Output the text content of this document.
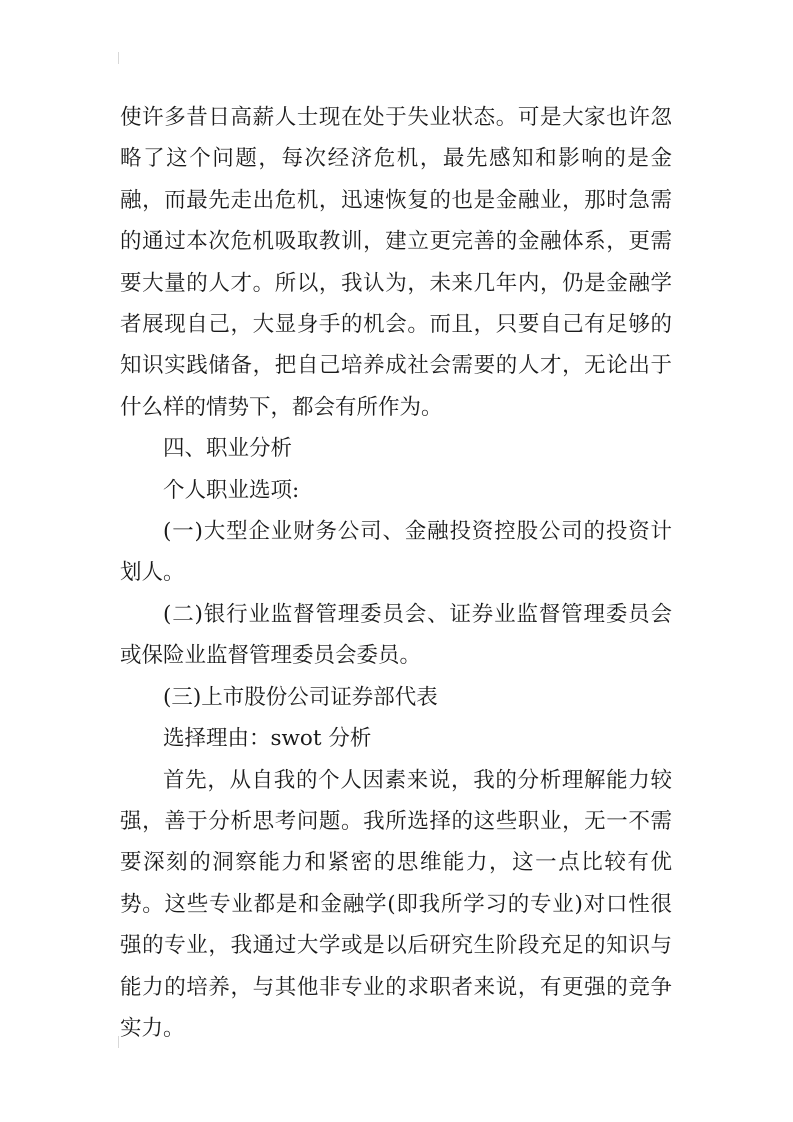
使许多昔日高薪人士现在处于失业状态。可是大家也许忽略了这个问题，每次经济危机，最先感知和影响的是金融，而最先走出危机，迅速恢复的也是金融业，那时急需的通过本次危机吸取教训，建立更完善的金融体系，更需要大量的人才。所以，我认为，未来几年内，仍是金融学者展现自己，大显身手的机会。而且，只要自己有足够的知识实践储备，把自己培养成社会需要的人才，无论出于什么样的情势下，都会有所作为。

四、职业分析

个人职业选项:

(一)大型企业财务公司、金融投资控股公司的投资计划人。

(二)银行业监督管理委员会、证券业监督管理委员会或保险业监督管理委员会委员。

(三)上市股份公司证券部代表

选择理由：swot 分析

首先，从自我的个人因素来说，我的分析理解能力较强，善于分析思考问题。我所选择的这些职业，无一不需要深刻的洞察能力和紧密的思维能力，这一点比较有优势。这些专业都是和金融学(即我所学习的专业)对口性很强的专业，我通过大学或是以后研究生阶段充足的知识与能力的培养，与其他非专业的求职者来说，有更强的竞争实力。
